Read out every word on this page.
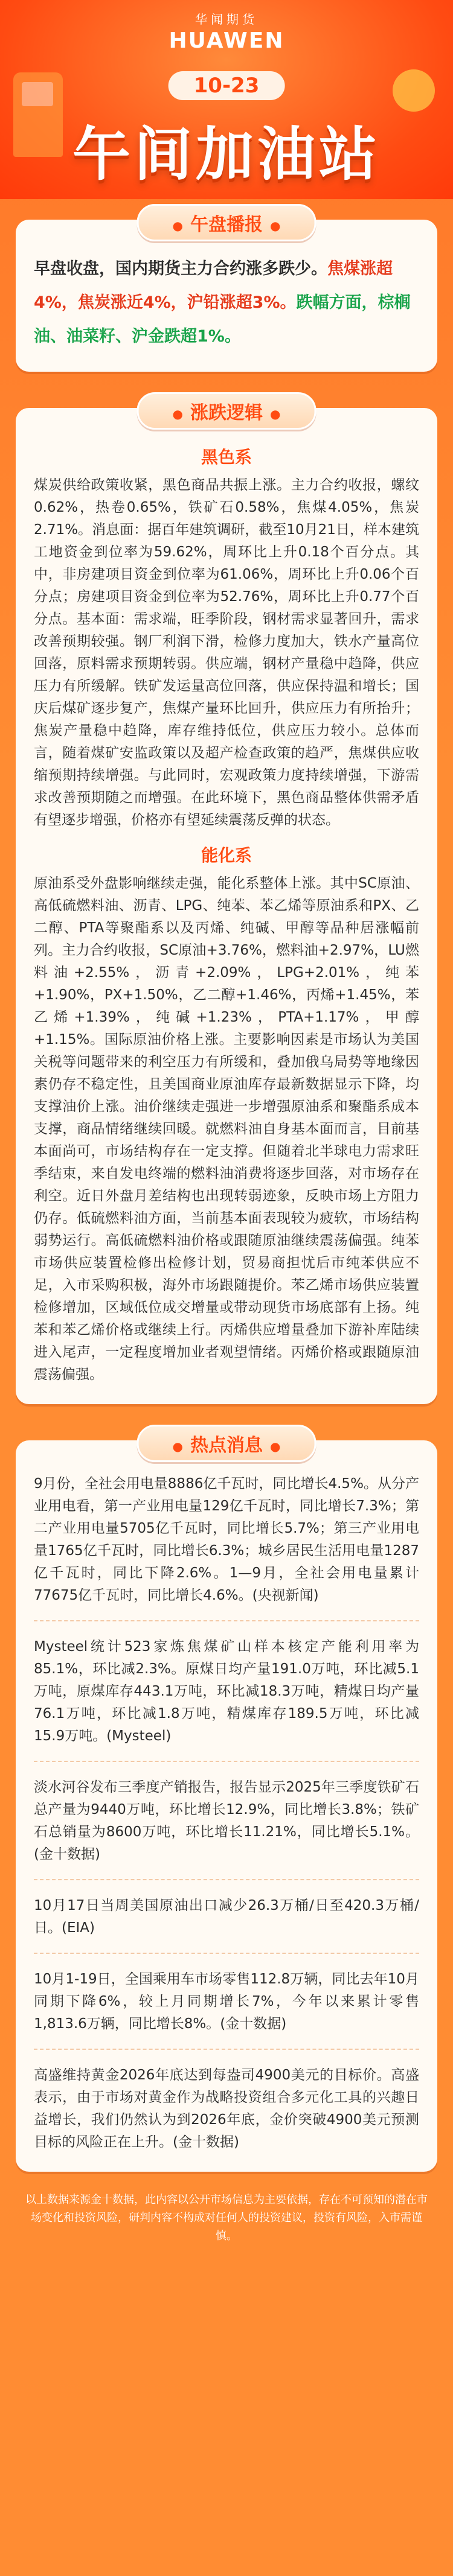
华闻期货
HUAWEN
10-23
午间加油站
● 午盘播报 ●

早盘收盘，国内期货主力合约涨多跌少。焦煤涨超4%，焦炭涨近4%，沪铅涨超3%。跌幅方面，棕榈油、油菜籽、沪金跌超1%。

● 涨跌逻辑 ●
黑色系

煤炭供给政策收紧，黑色商品共振上涨。主力合约收报，螺纹0.62%，热卷0.65%，铁矿石0.58%，焦煤4.05%，焦炭2.71%。消息面：据百年建筑调研，截至10月21日，样本建筑工地资金到位率为59.62%，周环比上升0.18个百分点。其中，非房建项目资金到位率为61.06%，周环比上升0.06个百分点；房建项目资金到位率为52.76%，周环比上升0.77个百分点。基本面：需求端，旺季阶段，钢材需求显著回升，需求改善预期较强。钢厂利润下滑，检修力度加大，铁水产量高位回落，原料需求预期转弱。供应端，钢材产量稳中趋降，供应压力有所缓解。铁矿发运量高位回落，供应保持温和增长；国庆后煤矿逐步复产，焦煤产量环比回升，供应压力有所抬升；焦炭产量稳中趋降，库存维持低位，供应压力较小。总体而言，随着煤矿安监政策以及超产检查政策的趋严，焦煤供应收缩预期持续增强。与此同时，宏观政策力度持续增强，下游需求改善预期随之而增强。在此环境下，黑色商品整体供需矛盾有望逐步增强，价格亦有望延续震荡反弹的状态。

能化系

原油系受外盘影响继续走强，能化系整体上涨。其中SC原油、高低硫燃料油、沥青、LPG、纯苯、苯乙烯等原油系和PX、乙二醇、PTA等聚酯系以及丙烯、纯碱、甲醇等品种居涨幅前列。主力合约收报，SC原油+3.76%，燃料油+2.97%，LU燃料油+2.55%，沥青+2.09%，LPG+2.01%，纯苯+1.90%，PX+1.50%，乙二醇+1.46%，丙烯+1.45%，苯乙烯+1.39%，纯碱+1.23%，PTA+1.17%，甲醇+1.15%。国际原油价格上涨。主要影响因素是市场认为美国关税等问题带来的利空压力有所缓和，叠加俄乌局势等地缘因素仍存不稳定性，且美国商业原油库存最新数据显示下降，均支撑油价上涨。油价继续走强进一步增强原油系和聚酯系成本支撑，商品情绪继续回暖。就燃料油自身基本面而言，目前基本面尚可，市场结构存在一定支撑。但随着北半球电力需求旺季结束，来自发电终端的燃料油消费将逐步回落，对市场存在利空。近日外盘月差结构也出现转弱迹象，反映市场上方阻力仍存。低硫燃料油方面，当前基本面表现较为疲软，市场结构弱势运行。高低硫燃料油价格或跟随原油继续震荡偏强。纯苯市场供应装置检修出检修计划，贸易商担忧后市纯苯供应不足，入市采购积极，海外市场跟随提价。苯乙烯市场供应装置检修增加，区域低位成交增量或带动现货市场底部有上扬。纯苯和苯乙烯价格或继续上行。丙烯供应增量叠加下游补库陆续进入尾声，一定程度增加业者观望情绪。丙烯价格或跟随原油震荡偏强。

● 热点消息 ●
9月份，全社会用电量8886亿千瓦时，同比增长4.5%。从分产业用电看，第一产业用电量129亿千瓦时，同比增长7.3%；第二产业用电量5705亿千瓦时，同比增长5.7%；第三产业用电量1765亿千瓦时，同比增长6.3%；城乡居民生活用电量1287亿千瓦时，同比下降2.6%。1—9月，全社会用电量累计77675亿千瓦时，同比增长4.6%。(央视新闻)
Mysteel统计523家炼焦煤矿山样本核定产能利用率为85.1%，环比减2.3%。原煤日均产量191.0万吨，环比减5.1万吨，原煤库存443.1万吨，环比减18.3万吨，精煤日均产量76.1万吨，环比减1.8万吨，精煤库存189.5万吨，环比减15.9万吨。(Mysteel)
淡水河谷发布三季度产销报告，报告显示2025年三季度铁矿石总产量为9440万吨，环比增长12.9%，同比增长3.8%；铁矿石总销量为8600万吨，环比增长11.21%，同比增长5.1%。(金十数据)
10月17日当周美国原油出口减少26.3万桶/日至420.3万桶/日。(EIA)
10月1-19日，全国乘用车市场零售112.8万辆，同比去年10月同期下降6%，较上月同期增长7%，今年以来累计零售1,813.6万辆，同比增长8%。(金十数据)
高盛维持黄金2026年底达到每盎司4900美元的目标价。高盛表示，由于市场对黄金作为战略投资组合多元化工具的兴趣日益增长，我们仍然认为到2026年底，金价突破4900美元预测目标的风险正在上升。(金十数据)
以上数据来源金十数据，此内容以公开市场信息为主要依据，存在不可预知的潜在市场变化和投资风险，研判内容不构成对任何人的投资建议，投资有风险，入市需谨慎。
